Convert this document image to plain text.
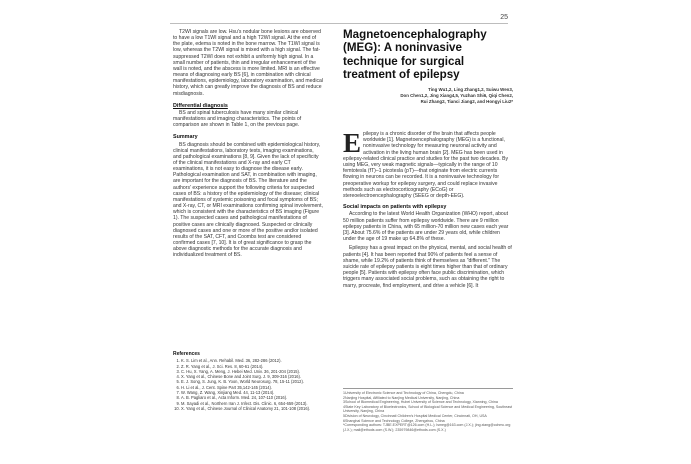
25

T2WI signals are low. Hsu's nodular bone lesions are observed to have a low T1WI signal and a high T2WI signal. At the end of the plate, edema is noted in the bone marrow. The T1WI signal is low, whereas the T2WI signal is mixed with a high signal. The fat-suppressed T2WI does not exhibit a uniformly high signal. In a small number of patients, thin and irregular enhancement of the wall is noted, and the abscess is more limited. MRI is an effective means of diagnosing early BS [6], in combination with clinical manifestations, epidemiology, laboratory examination, and medical history, which can greatly improve the diagnosis of BS and reduce misdiagnosis.

Differential diagnosis

BS and spinal tuberculosis have many similar clinical manifestations and imaging characteristics. The points of comparison are shown in Table 1, on the previous page.

Summary

BS diagnosis should be combined with epidemiological history, clinical manifestations, laboratory tests, imaging examinations, and pathological examinations [8, 9]. Given the lack of specificity of the clinical manifestations and X-ray and early CT examinations, it is not easy to diagnose the disease early. Pathological examination and SAT, in combination with imaging, are important for the diagnosis of BS. The literature and the authors' experience support the following criteria for suspected cases of BS: a history of the epidemiology of the disease; clinical manifestations of systemic poisoning and focal symptoms of BS; and X-ray, CT, or MRI examinations confirming spinal involvement, which is consistent with the characteristics of BS imaging (Figure 1). The suspected cases and pathological manifestations of positive cases are clinically diagnosed. Suspected or clinically diagnosed cases and one or more of the positive and/or isolated results of the SAT, CFT, and Coombs test are considered confirmed cases [7, 10]. It is of great significance to grasp the above diagnostic methods for the accurate diagnosis and individualized treatment of BS.

References
1. K. S. Lim et al., Ann. Rehabil. Med. 36, 282-286 (2012).
2. Z. R. Yang et al., J. Sci. Res. 8, 60-61 (2014).
3. C. Hu, X. Yang, A. Meng, J. Hebei Med. Univ. 36, 201-204 (2015).
4. X. Yang et al., Chinese Bone and Joint Surg. J. 9, 309-316 (2016).
5. E. J. Song, S. Jung, K. B. Yoon, World Neurosurg. 78, 15-11 (2012).
6. H. Li et al., J. Cent. Spine Part 35,142-145 (2014).
7. W. Wang, Z. Wang, Xinjiang Med. 44, 11-13 (2014).
8. A. B. Pagliaro et al., Acta Inform. Med. 24, 107-110 (2016).
9. M. Sayadi et al., Northern Iran J. Infect. Dis. Clinic. 6, 654-659 (2013).
10. X. Yang et al., Chinese Journal of Clinical Anatomy 21, 101-108 (2016).
Magnetoencephalography (MEG): A noninvasive technique for surgical treatment of epilepsy
Ting Wu1,2, Ling Zhang1,2, Suiwu Wen3,
Don Chen1,2, Jing Xiang4,5, Yuzhan Shi6, Qiqi Chen2,
Rui Zhang2, Tianci Jiang2, and Hongyi Liu2*

Epilepsy is a chronic disorder of the brain that affects people worldwide [1]. Magnetoencephalography (MEG) is a functional, noninvasive technology for measuring neuronal activity and activation in the living human brain [2]. MEG has been used in epilepsy-related clinical practice and studies for the past two decades. By using MEG, very weak magnetic signals—typically in the range of 10 femtotesla (fT)–1 picotesla (pT)—that originate from electric currents flowing in neurons can be recorded. It is a noninvasive technology for preoperative workup for epilepsy surgery, and could replace invasive methods such as electrocorticography (ECoG) or stereoelectroencephalography (SEEG or depth-EEG).

Social impacts on patients with epilepsy

According to the latest World Health Organization (WHO) report, about 50 million patients suffer from epilepsy worldwide. There are 9 million epilepsy patients in China, with 65 million-70 million new cases each year [3]. About 75.6% of the patients are under 29 years old, while children under the age of 19 make up 64.8% of these.

Epilepsy has a great impact on the physical, mental, and social health of patients [4]. It has been reported that 90% of patients feel a sense of shame, while 19.2% of patients think of themselves as "different." The suicide rate of epilepsy patients is eight times higher than that of ordinary people [5]. Patients with epilepsy often face public discrimination, which triggers many associated social problems, such as obtaining the right to marry, procreate, find employment, and drive a vehicle [6]. It

1University of Electronic Science and Technology of China, Chengdu, China

2Nanjing Hospital, Affiliated to Nanjing Medical University, Nanjing, China

3School of Biomedical Engineering, Hubei University of Science and Technology, Xianning, China

4State Key Laboratory of Bioelectronics, School of Biological Science and Medical Engineering, Southeast University, Nanjing, China

5Division of Neurology, Cincinnati Children's Hospital Medical Center, Cincinnati, OH, USA

6Shanghai Science and Technology College, Zhengzhou, China

*Corresponding authors: TJBE.EXPERT@126.com (H.L.); lsmeg@163.com (J.X.); jing.xiang@cchmc.org (J.X.); mail@ethods.com (S.W.); 235979846@ethods.com (S.X.)
